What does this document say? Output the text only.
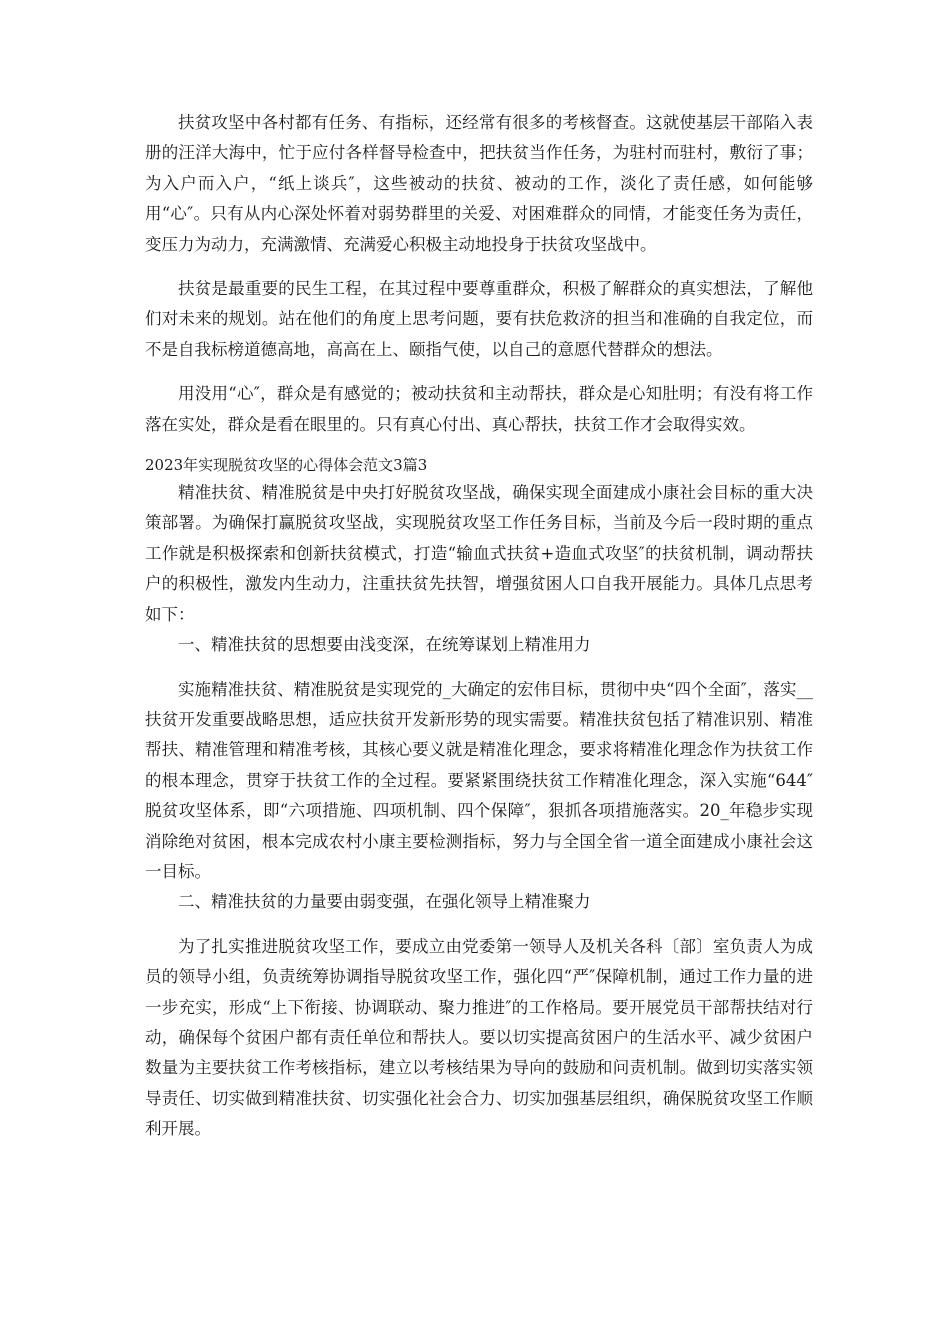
扶贫攻坚中各村都有任务、有指标，还经常有很多的考核督查。这就使基层干部陷入表册的汪洋大海中，忙于应付各样督导检查中，把扶贫当作任务，为驻村而驻村，敷衍了事；为入户而入户，“纸上谈兵″，这些被动的扶贫、被动的工作，淡化了责任感，如何能够用“心″。只有从内心深处怀着对弱势群里的关爱、对困难群众的同情，才能变任务为责任，变压力为动力，充满激情、充满爱心积极主动地投身于扶贫攻坚战中。

扶贫是最重要的民生工程，在其过程中要尊重群众，积极了解群众的真实想法，了解他们对未来的规划。站在他们的角度上思考问题，要有扶危救济的担当和准确的自我定位，而不是自我标榜道德高地，高高在上、颐指气使，以自己的意愿代替群众的想法。

用没用“心″，群众是有感觉的；被动扶贫和主动帮扶，群众是心知肚明；有没有将工作落在实处，群众是看在眼里的。只有真心付出、真心帮扶，扶贫工作才会取得实效。

2023年实现脱贫攻坚的心得体会范文3篇3

精准扶贫、精准脱贫是中央打好脱贫攻坚战，确保实现全面建成小康社会目标的重大决策部署。为确保打赢脱贫攻坚战，实现脱贫攻坚工作任务目标，当前及今后一段时期的重点工作就是积极探索和创新扶贫模式，打造“输血式扶贫+造血式攻坚″的扶贫机制，调动帮扶户的积极性，激发内生动力，注重扶贫先扶智，增强贫困人口自我开展能力。具体几点思考如下：

一、精准扶贫的思想要由浅变深，在统筹谋划上精准用力

实施精准扶贫、精准脱贫是实现党的_大确定的宏伟目标，贯彻中央“四个全面″，落实__扶贫开发重要战略思想，适应扶贫开发新形势的现实需要。精准扶贫包括了精准识别、精准帮扶、精准管理和精准考核，其核心要义就是精准化理念，要求将精准化理念作为扶贫工作的根本理念，贯穿于扶贫工作的全过程。要紧紧围绕扶贫工作精准化理念，深入实施“644″脱贫攻坚体系，即“六项措施、四项机制、四个保障″，狠抓各项措施落实。20_年稳步实现消除绝对贫困，根本完成农村小康主要检测指标，努力与全国全省一道全面建成小康社会这一目标。

二、精准扶贫的力量要由弱变强，在强化领导上精准聚力

为了扎实推进脱贫攻坚工作，要成立由党委第一领导人及机关各科〔部〕室负责人为成员的领导小组，负责统筹协调指导脱贫攻坚工作，强化四“严″保障机制，通过工作力量的进一步充实，形成“上下衔接、协调联动、聚力推进″的工作格局。要开展党员干部帮扶结对行动，确保每个贫困户都有责任单位和帮扶人。要以切实提高贫困户的生活水平、减少贫困户数量为主要扶贫工作考核指标，建立以考核结果为导向的鼓励和问责机制。做到切实落实领导责任、切实做到精准扶贫、切实强化社会合力、切实加强基层组织，确保脱贫攻坚工作顺利开展。
